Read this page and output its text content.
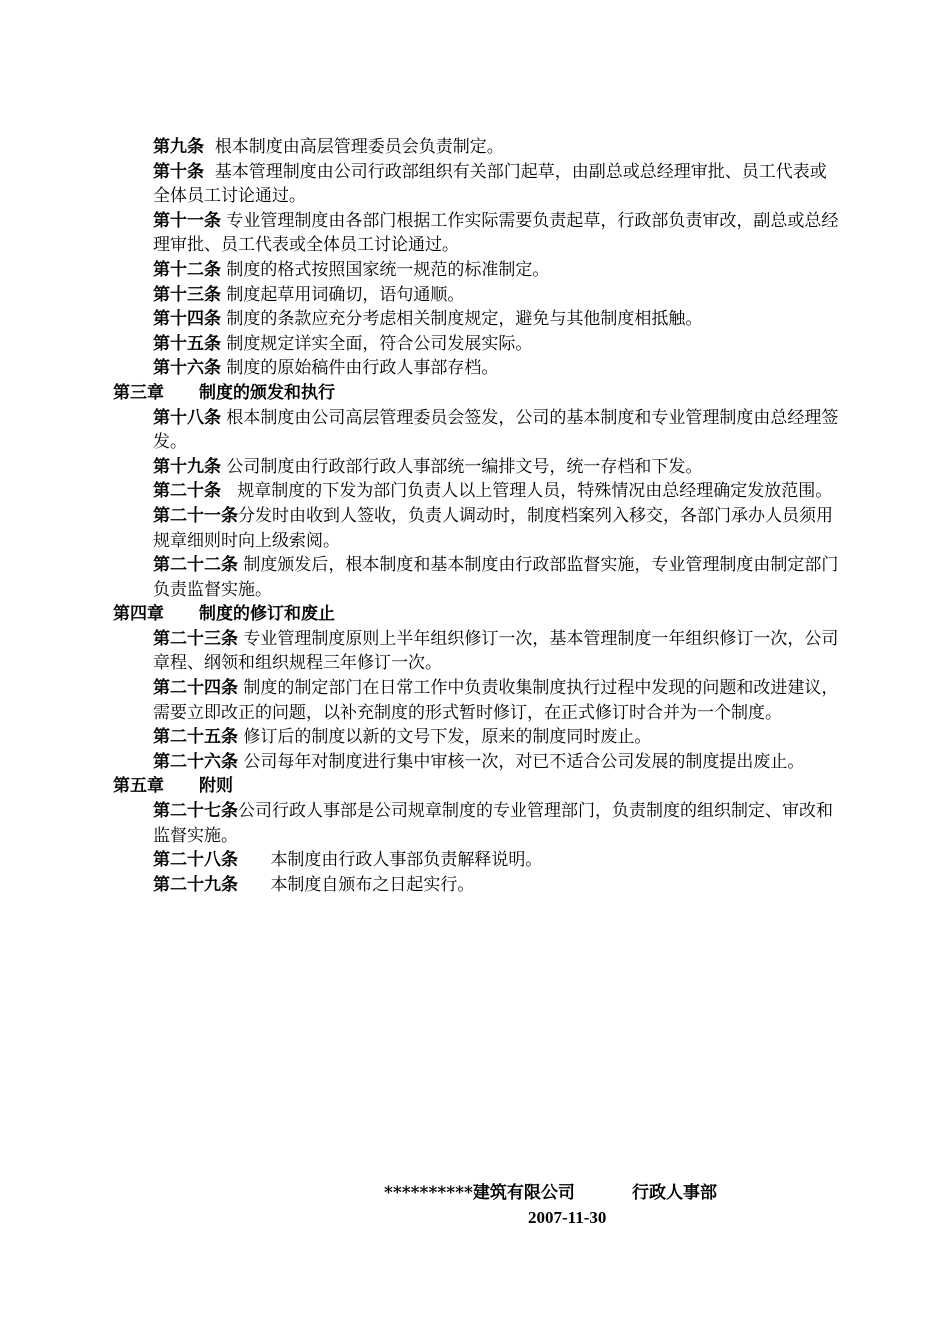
第九条 根本制度由高层管理委员会负责制定。
第十条 基本管理制度由公司行政部组织有关部门起草，由副总或总经理审批、员工代表或全体员工讨论通过。
第十一条 专业管理制度由各部门根据工作实际需要负责起草，行政部负责审改，副总或总经理审批、员工代表或全体员工讨论通过。
第十二条 制度的格式按照国家统一规范的标准制定。
第十三条 制度起草用词确切，语句通顺。
第十四条 制度的条款应充分考虑相关制度规定，避免与其他制度相抵触。
第十五条 制度规定详实全面，符合公司发展实际。
第十六条 制度的原始稿件由行政人事部存档。
第三章 制度的颁发和执行
第十八条 根本制度由公司高层管理委员会签发，公司的基本制度和专业管理制度由总经理签发。
第十九条 公司制度由行政部行政人事部统一编排文号，统一存档和下发。
第二十条 规章制度的下发为部门负责人以上管理人员，特殊情况由总经理确定发放范围。
第二十一条分发时由收到人签收，负责人调动时，制度档案列入移交，各部门承办人员须用规章细则时向上级索阅。
第二十二条 制度颁发后，根本制度和基本制度由行政部监督实施，专业管理制度由制定部门负责监督实施。
第四章 制度的修订和废止
第二十三条 专业管理制度原则上半年组织修订一次，基本管理制度一年组织修订一次，公司章程、纲领和组织规程三年修订一次。
第二十四条 制度的制定部门在日常工作中负责收集制度执行过程中发现的问题和改进建议，需要立即改正的问题，以补充制度的形式暂时修订，在正式修订时合并为一个制度。
第二十五条 修订后的制度以新的文号下发，原来的制度同时废止。
第二十六条 公司每年对制度进行集中审核一次，对已不适合公司发展的制度提出废止。
第五章 附则
第二十七条公司行政人事部是公司规章制度的专业管理部门，负责制度的组织制定、审改和监督实施。
第二十八条 本制度由行政人事部负责解释说明。
第二十九条 本制度自颁布之日起实行。
**********建筑有限公司	行政人事部
2007-11-30
